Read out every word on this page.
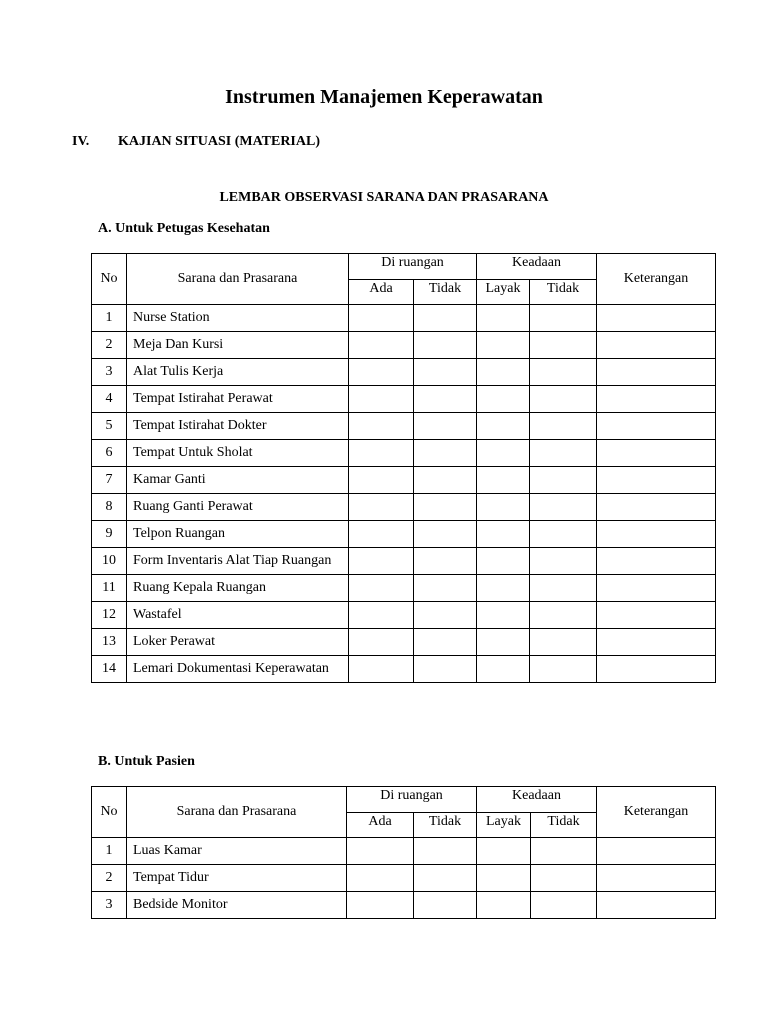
Instrumen Manajemen Keperawatan
IV. KAJIAN SITUASI (MATERIAL)
LEMBAR OBSERVASI SARANA DAN PRASARANA
A. Untuk Petugas Kesehatan
No	Sarana dan Prasarana	Di ruangan		Keadaan		Keterangan
		Ada	Tidak	Layak	Tidak	
1	Nurse Station					
2	Meja Dan Kursi					
3	Alat Tulis Kerja					
4	Tempat Istirahat Perawat					
5	Tempat Istirahat Dokter					
6	Tempat Untuk Sholat					
7	Kamar Ganti					
8	Ruang Ganti Perawat					
9	Telpon Ruangan					
10	Form Inventaris Alat Tiap Ruangan					
11	Ruang Kepala Ruangan					
12	Wastafel					
13	Loker Perawat					
14	Lemari Dokumentasi Keperawatan					
B. Untuk Pasien
No	Sarana dan Prasarana	Di ruangan		Keadaan		Keterangan
		Ada	Tidak	Layak	Tidak	
1	Luas Kamar					
2	Tempat Tidur					
3	Bedside Monitor					
